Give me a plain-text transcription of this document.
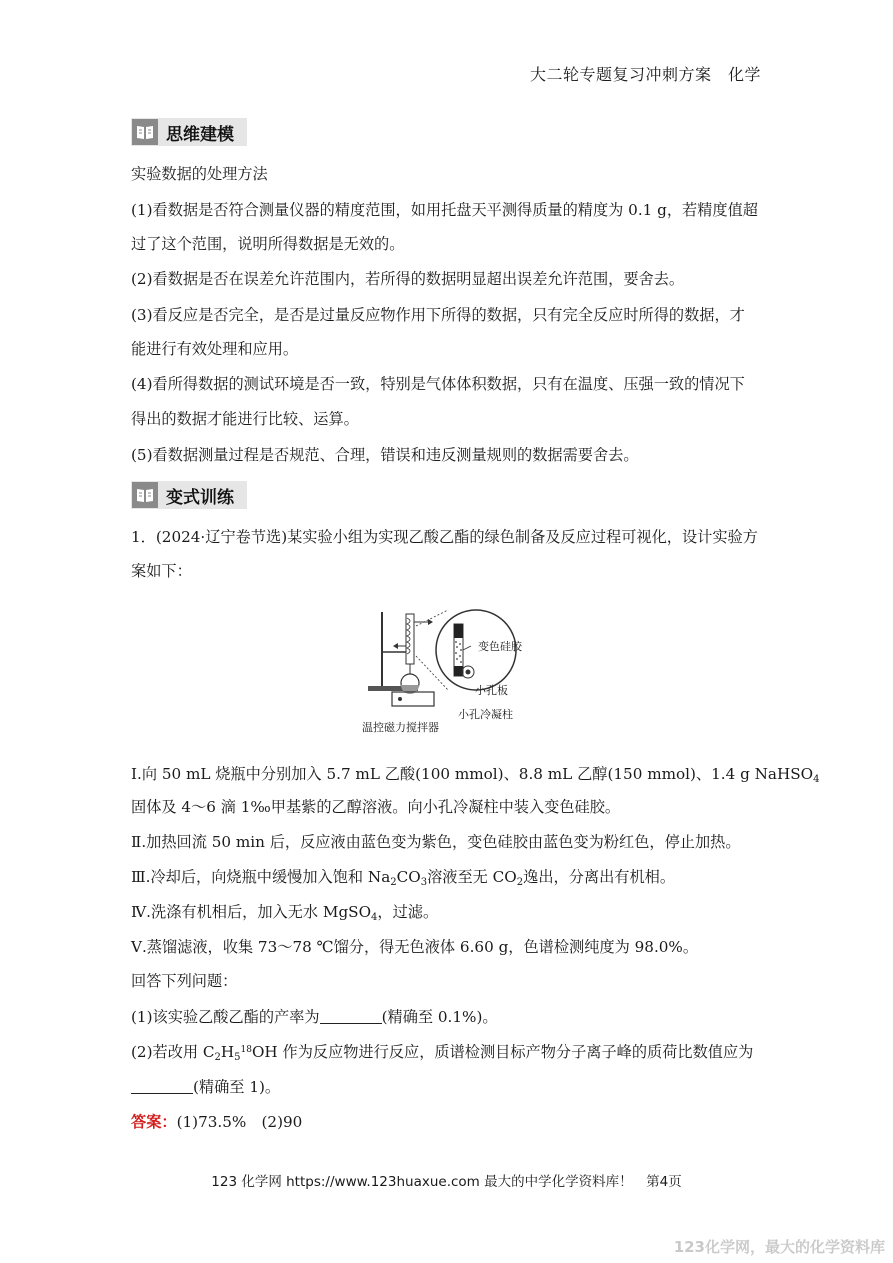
大二轮专题复习冲刺方案　化学
思维建模
实验数据的处理方法
(1)看数据是否符合测量仪器的精度范围，如用托盘天平测得质量的精度为 0.1 g，若精度值超
过了这个范围，说明所得数据是无效的。
(2)看数据是否在误差允许范围内，若所得的数据明显超出误差允许范围，要舍去。
(3)看反应是否完全，是否是过量反应物作用下所得的数据，只有完全反应时所得的数据，才
能进行有效处理和应用。
(4)看所得数据的测试环境是否一致，特别是气体体积数据，只有在温度、压强一致的情况下
得出的数据才能进行比较、运算。
(5)看数据测量过程是否规范、合理，错误和违反测量规则的数据需要舍去。
变式训练
1．(2024·辽宁卷节选)某实验小组为实现乙酸乙酯的绿色制备及反应过程可视化，设计实验方
案如下：
变色硅胶
小孔板
温控磁力搅拌器
小孔冷凝柱
Ⅰ.向 50 mL 烧瓶中分别加入 5.7 mL 乙酸(100 mmol)、8.8 mL 乙醇(150 mmol)、1.4 g NaHSO$_4$
固体及 4～6 滴 1‰甲基紫的乙醇溶液。向小孔冷凝柱中装入变色硅胶。
Ⅱ.加热回流 50 min 后，反应液由蓝色变为紫色，变色硅胶由蓝色变为粉红色，停止加热。
Ⅲ.冷却后，向烧瓶中缓慢加入饱和 $Na_2CO_3$溶液至无 $CO_2$逸出，分离出有机相。
Ⅳ.洗涤有机相后，加入无水 MgSO$_4$，过滤。
Ⅴ.蒸馏滤液，收集 73～78 ℃馏分，得无色液体 6.60 g，色谱检测纯度为 98.0%。
回答下列问题：
(1)该实验乙酸乙酯的产率为	(精确至 0.1%)。
(2)若改用 $C_2H_5^{18}OH$ 作为反应物进行反应，质谱检测目标产物分子离子峰的质荷比数值应为
(精确至 1)。
答案：(1)73.5%　(2)90
123 化学网 https://www.123huaxue.com 最大的中学化学资料库！　第4页
123化学网，最大的化学资料库
